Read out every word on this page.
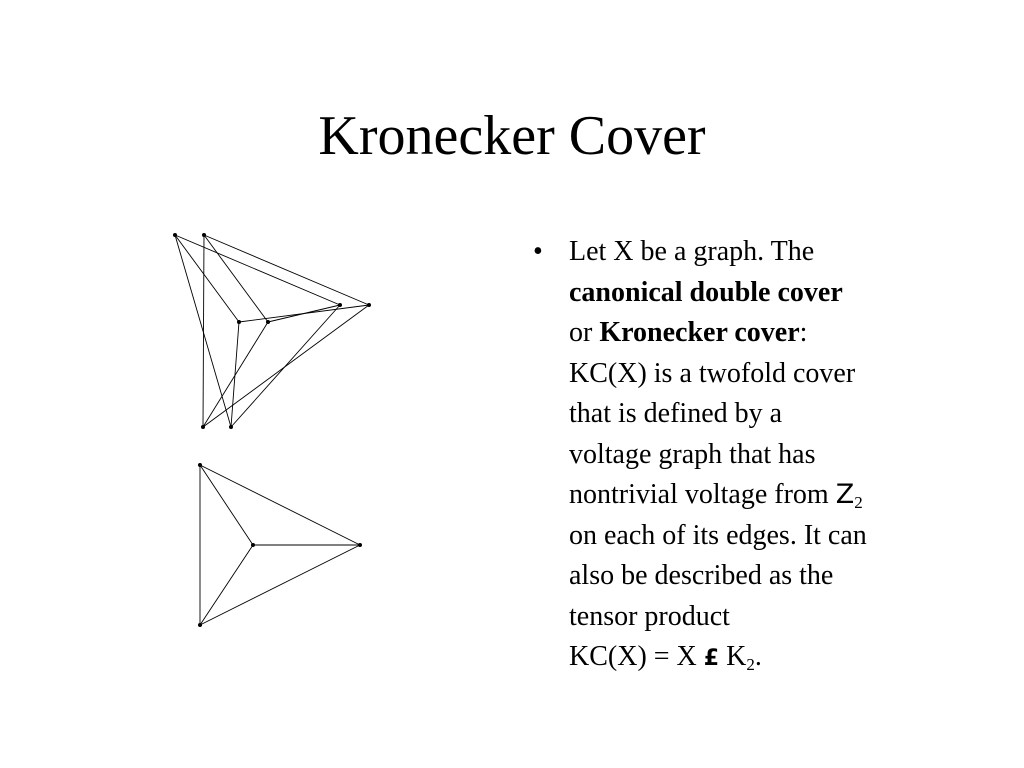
Kronecker Cover
• Let X be a graph. The
canonical double cover
or Kronecker cover:
KC(X) is a twofold cover
that is defined by a
voltage graph that has
nontrivial voltage from $Z_2$
on each of its edges. It can
also be described as the
tensor product
KC(X) = X £ $K_2$.
